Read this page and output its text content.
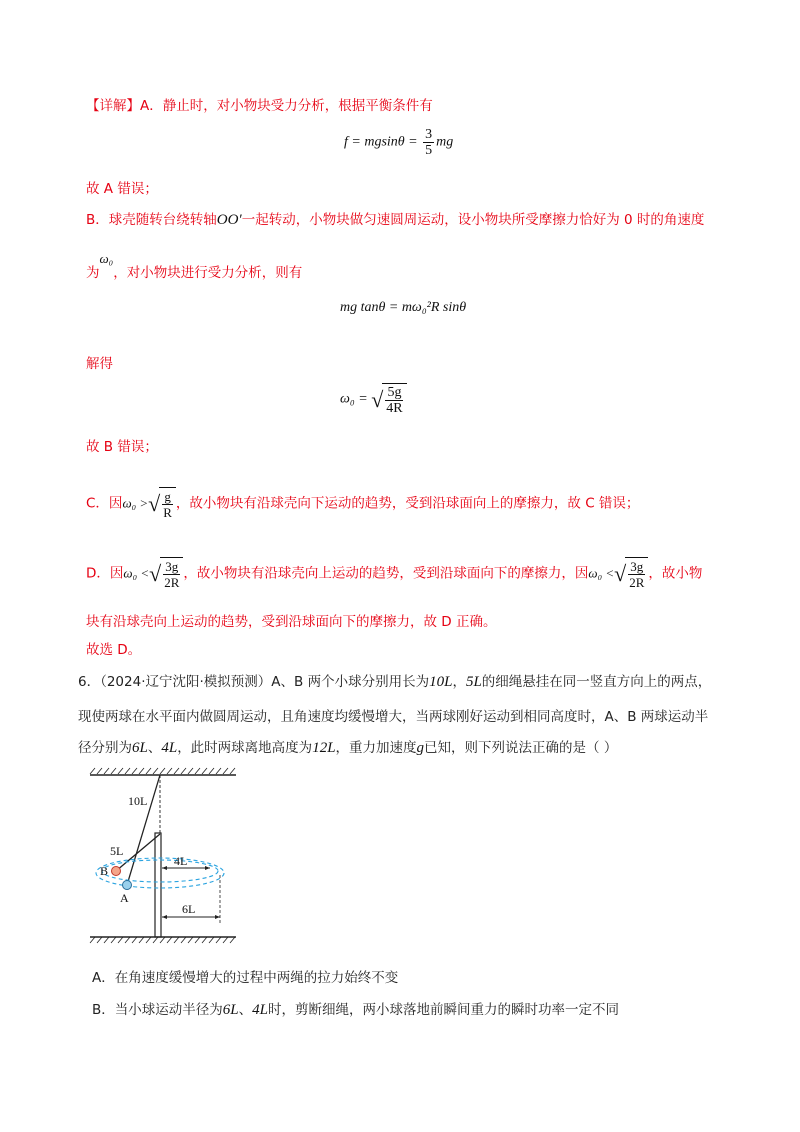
【详解】A．静止时，对小物块受力分析，根据平衡条件有
$f = mgsin\theta = \frac{3}{5}$ mg
故 A 错误；
B．球壳随转台绕转轴OO′一起转动，小物块做匀速圆周运动，设小物块所受摩擦力恰好为 0 时的角速度
为ω₀，对小物块进行受力分析，则有
mg tanθ = mω₀²R sinθ
解得
ω₀ = √ $\frac{5g}{4R}$
故 B 错误；
C．因ω₀ > √ $\frac{g}{R}$ ，故小物块有沿球壳向下运动的趋势，受到沿球面向上的摩擦力，故 C 错误；
D．因ω₀ < √ $\frac{3g}{2R}$ ，故小物块有沿球壳向上运动的趋势，受到沿球面向下的摩擦力，因ω₀ < √ $\frac{3g}{2R}$ ，故小物
块有沿球壳向上运动的趋势，受到沿球面向下的摩擦力，故 D 正确。
故选 D。
6．（2024·辽宁沈阳·模拟预测）A、B 两个小球分别用长为10L，5L的细绳悬挂在同一竖直方向上的两点，
现使两球在水平面内做圆周运动，且角速度均缓慢增大，当两球刚好运动到相同高度时，A、B 两球运动半
径分别为6L、4L，此时两球离地高度为12L，重力加速度g已知，则下列说法正确的是（ ）
10L
5L
4L
6L
B
A
A．在角速度缓慢增大的过程中两绳的拉力始终不变
B．当小球运动半径为6L、4L时，剪断细绳，两小球落地前瞬间重力的瞬时功率一定不同
